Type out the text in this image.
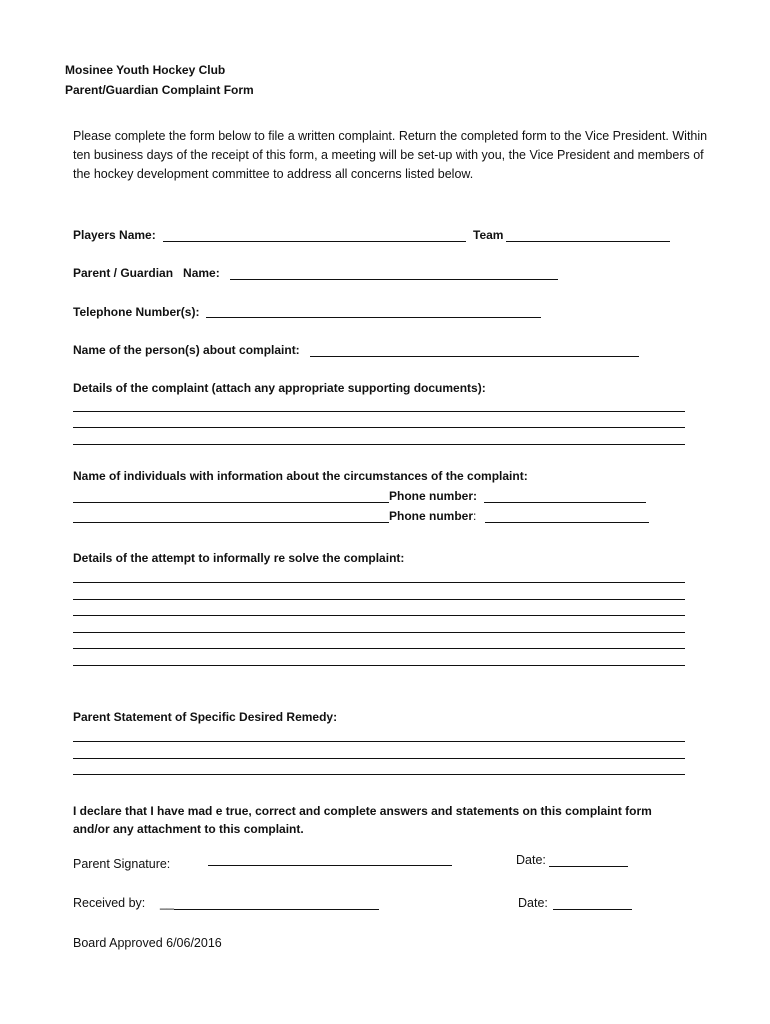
Mosinee Youth Hockey Club
Parent/Guardian Complaint Form
Please complete the form below to file a written complaint. Return the completed form to the Vice President. Within ten business days of the receipt of this form, a meeting will be set-up with you, the Vice President and members of the hockey development committee to address all concerns listed below.
Players Name:	Team
Parent / Guardian   Name:
Telephone Number(s):
Name of the person(s) about complaint:
Details of the complaint (attach any appropriate supporting documents):
Name of individuals with information about the circumstances of the complaint:
Phone number:
Phone number:
Details of the attempt to informally re solve the complaint:
Parent Statement of Specific Desired Remedy:
I declare that I have mad e true, correct and complete answers and statements on this complaint form
and/or any attachment to this complaint.
Parent Signature:	Date:
Received by: __	Date:
Board Approved 6/06/2016
